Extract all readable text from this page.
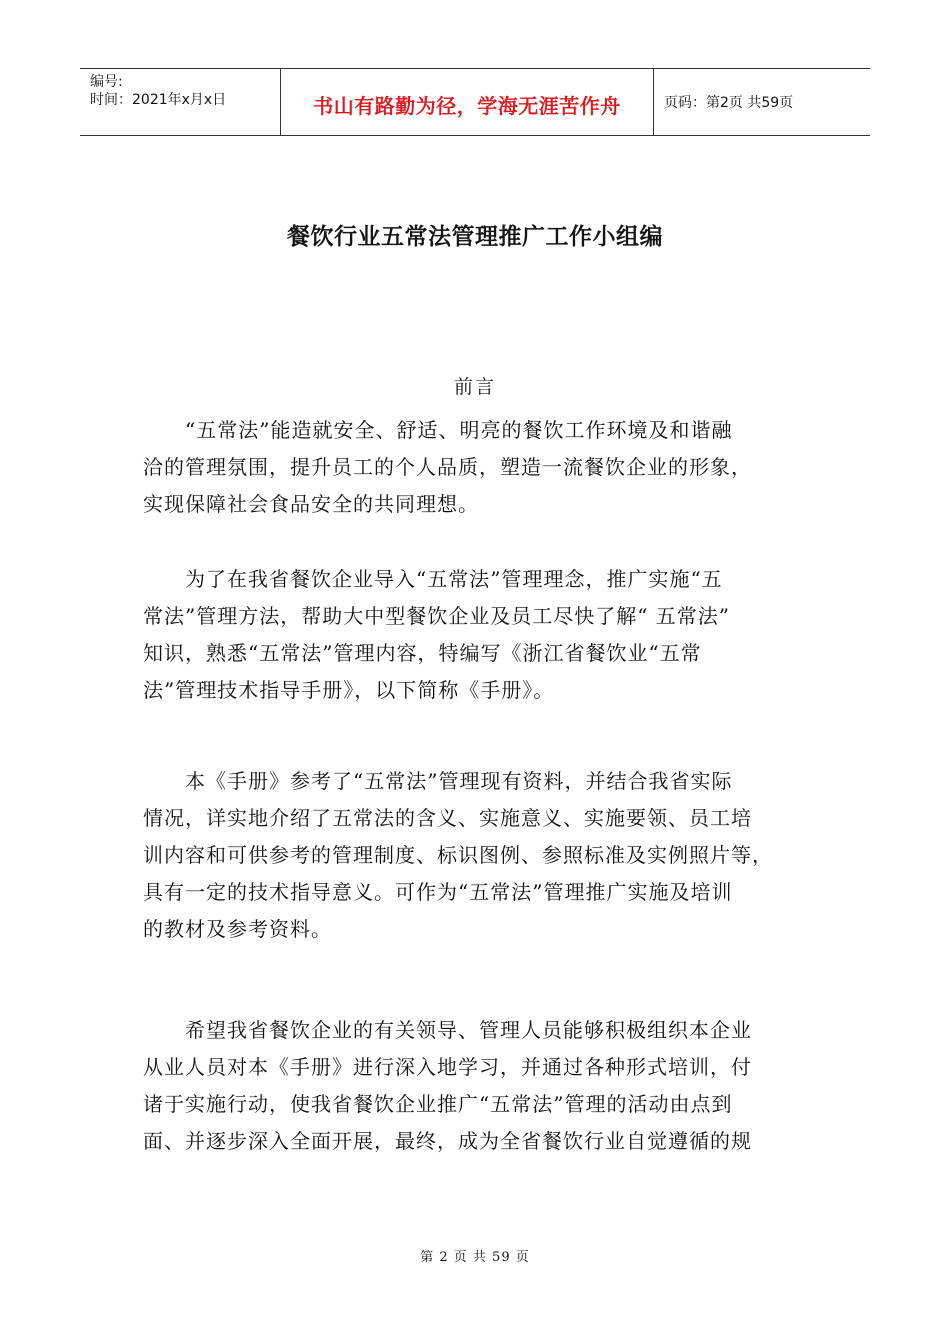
编号:
时间：2021年x月x日	书山有路勤为径，学海无涯苦作舟	页码：第2页 共59页
餐饮行业五常法管理推广工作小组编
前言
　　“五常法”能造就安全、舒适、明亮的餐饮工作环境及和谐融
洽的管理氛围，提升员工的个人品质，塑造一流餐饮企业的形象，
实现保障社会食品安全的共同理想。
　　为了在我省餐饮企业导入“五常法”管理理念，推广实施“五
常法”管理方法，帮助大中型餐饮企业及员工尽快了解“ 五常法”
知识，熟悉“五常法”管理内容，特编写《浙江省餐饮业“五常
法”管理技术指导手册》，以下简称《手册》。
　　本《手册》参考了“五常法”管理现有资料，并结合我省实际
情况，详实地介绍了五常法的含义、实施意义、实施要领、员工培
训内容和可供参考的管理制度、标识图例、参照标准及实例照片等，
具有一定的技术指导意义。可作为“五常法”管理推广实施及培训
的教材及参考资料。
　　希望我省餐饮企业的有关领导、管理人员能够积极组织本企业
从业人员对本《手册》进行深入地学习，并通过各种形式培训，付
诸于实施行动，使我省餐饮企业推广“五常法”管理的活动由点到
面、并逐步深入全面开展，最终，成为全省餐饮行业自觉遵循的规
第 2 页 共 59 页
